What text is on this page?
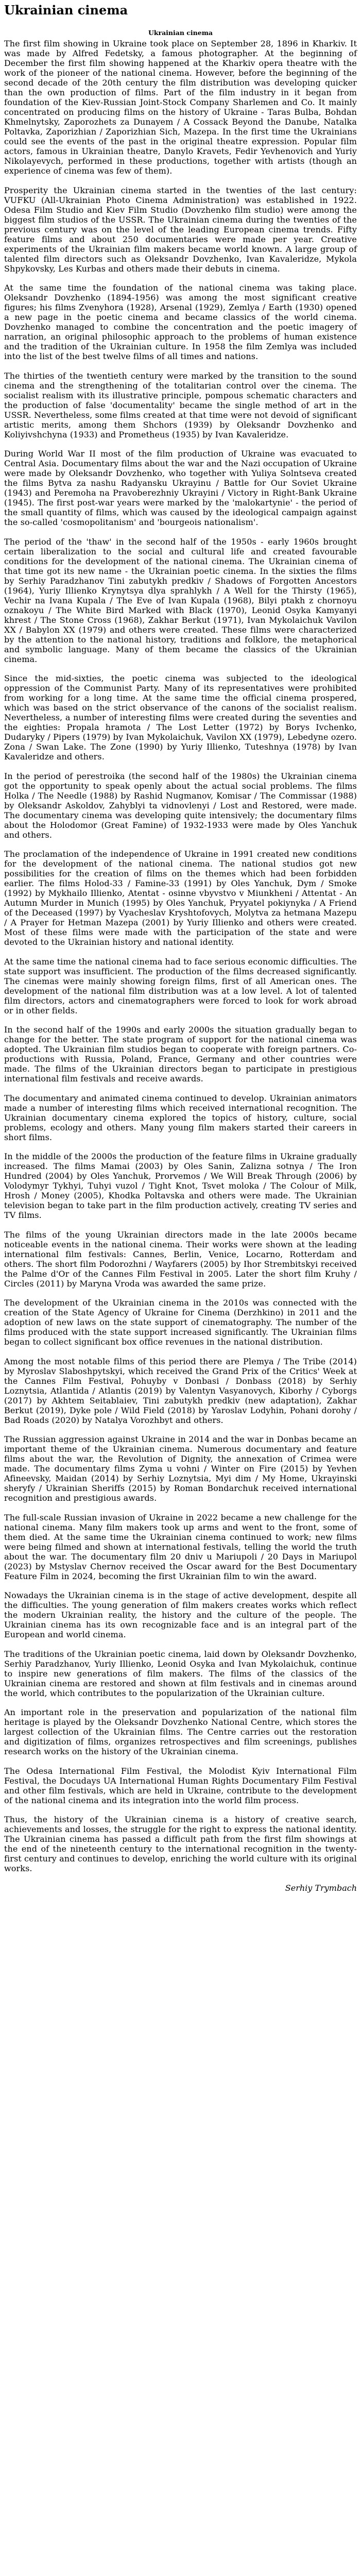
Ukrainian cinema
Ukrainian cinema

The first film showing in Ukraine took place on September 28, 1896 in Kharkiv. It was made by Alfred Fedetsky, a famous photographer. At the beginning of December the first film showing happened at the Kharkiv opera theatre with the work of the pioneer of the national cinema. However, before the beginning of the second decade of the 20th century the film distribution was developing quicker than the own production of films. Part of the film industry in it began from foundation of the Kiev-Russian Joint-Stock Company Sharlemen and Co. It mainly concentrated on producing films on the history of Ukraine - Taras Bulba, Bohdan Khmelnytsky, Zaporozhets za Dunayem / A Cossack Beyond the Danube, Natalka Poltavka, Zaporizhian / Zaporizhian Sich, Mazepa. In the first time the Ukrainians could see the events of the past in the original theatre expression. Popular film actors, famous in Ukrainian theatre, Danylo Kravets, Fedir Yevhenovich and Yuriy Nikolayevych, performed in these productions, together with artists (though an experience of cinema was few of them).

Prosperity the Ukrainian cinema started in the twenties of the last century: VUFKU (All-Ukrainian Photo Cinema Administration) was established in 1922. Odesa Film Studio and Kiev Film Studio (Dovzhenko film studio) were among the biggest film studios of the USSR. The Ukrainian cinema during the twenties of the previous century was on the level of the leading European cinema trends. Fifty feature films and about 250 documentaries were made per year. Creative experiments of the Ukrainian film makers became world known. A large group of talented film directors such as Oleksandr Dovzhenko, Ivan Kavaleridze, Mykola Shpykovsky, Les Kurbas and others made their debuts in cinema.

At the same time the foundation of the national cinema was taking place. Oleksandr Dovzhenko (1894-1956) was among the most significant creative figures; his films Zvenyhora (1928), Arsenal (1929), Zemlya / Earth (1930) opened a new page in the poetic cinema and became classics of the world cinema. Dovzhenko managed to combine the concentration and the poetic imagery of narration, an original philosophic approach to the problems of human existence and the tradition of the Ukrainian culture. In 1958 the film Zemlya was included into the list of the best twelve films of all times and nations.

The thirties of the twentieth century were marked by the transition to the sound cinema and the strengthening of the totalitarian control over the cinema. The socialist realism with its illustrative principle, pompous schematic characters and the production of false 'documentality' became the single method of art in the USSR. Nevertheless, some films created at that time were not devoid of significant artistic merits, among them Shchors (1939) by Oleksandr Dovzhenko and Koliyivshchyna (1933) and Prometheus (1935) by Ivan Kavaleridze.

During World War II most of the film production of Ukraine was evacuated to Central Asia. Documentary films about the war and the Nazi occupation of Ukraine were made by Oleksandr Dovzhenko, who together with Yuliya Solntseva created the films Bytva za nashu Radyansku Ukrayinu / Battle for Our Soviet Ukraine (1943) and Peremoha na Pravoberezhniy Ukrayini / Victory in Right-Bank Ukraine (1945). The first post-war years were marked by the 'malokartynie' - the period of the small quantity of films, which was caused by the ideological campaign against the so-called 'cosmopolitanism' and 'bourgeois nationalism'.

The period of the 'thaw' in the second half of the 1950s - early 1960s brought certain liberalization to the social and cultural life and created favourable conditions for the development of the national cinema. The Ukrainian cinema of that time got its new name - the Ukrainian poetic cinema. In the sixties the films by Serhiy Paradzhanov Tini zabutykh predkiv / Shadows of Forgotten Ancestors (1964), Yuriy Illienko Krynytsya dlya sprahlykh / A Well for the Thirsty (1965), Vechir na Ivana Kupala / The Eve of Ivan Kupala (1968), Bilyi ptakh z chornoyu oznakoyu / The White Bird Marked with Black (1970), Leonid Osyka Kamyanyi khrest / The Stone Cross (1968), Zakhar Berkut (1971), Ivan Mykolaichuk Vavilon XX / Babylon XX (1979) and others were created. These films were characterized by the attention to the national history, traditions and folklore, the metaphorical and symbolic language. Many of them became the classics of the Ukrainian cinema.

Since the mid-sixties, the poetic cinema was subjected to the ideological oppression of the Communist Party. Many of its representatives were prohibited from working for a long time. At the same time the official cinema prospered, which was based on the strict observance of the canons of the socialist realism. Nevertheless, a number of interesting films were created during the seventies and the eighties: Propala hramota / The Lost Letter (1972) by Borys Ivchenko, Dudaryky / Pipers (1979) by Ivan Mykolaichuk, Vavilon XX (1979), Lebedyne ozero. Zona / Swan Lake. The Zone (1990) by Yuriy Illienko, Tuteshnya (1978) by Ivan Kavaleridze and others.

In the period of perestroika (the second half of the 1980s) the Ukrainian cinema got the opportunity to speak openly about the actual social problems. The films Holka / The Needle (1988) by Rashid Nugmanov, Komisar / The Commissar (1988) by Oleksandr Askoldov, Zahyblyi ta vidnovlenyi / Lost and Restored, were made. The documentary cinema was developing quite intensively; the documentary films about the Holodomor (Great Famine) of 1932-1933 were made by Oles Yanchuk and others.

The proclamation of the independence of Ukraine in 1991 created new conditions for the development of the national cinema. The national studios got new possibilities for the creation of films on the themes which had been forbidden earlier. The films Holod-33 / Famine-33 (1991) by Oles Yanchuk, Dym / Smoke (1992) by Mykhailo Illienko, Atentat - osinne vbyvstvo v Miunkheni / Attentat - An Autumn Murder in Munich (1995) by Oles Yanchuk, Pryyatel pokiynyka / A Friend of the Deceased (1997) by Vyacheslav Kryshtofovych, Molytva za hetmana Mazepu / A Prayer for Hetman Mazepa (2001) by Yuriy Illienko and others were created. Most of these films were made with the participation of the state and were devoted to the Ukrainian history and national identity.

At the same time the national cinema had to face serious economic difficulties. The state support was insufficient. The production of the films decreased significantly. The cinemas were mainly showing foreign films, first of all American ones. The development of the national film distribution was at a low level. A lot of talented film directors, actors and cinematographers were forced to look for work abroad or in other fields.

In the second half of the 1990s and early 2000s the situation gradually began to change for the better. The state program of support for the national cinema was adopted. The Ukrainian film studios began to cooperate with foreign partners. Co-productions with Russia, Poland, France, Germany and other countries were made. The films of the Ukrainian directors began to participate in prestigious international film festivals and receive awards.

The documentary and animated cinema continued to develop. Ukrainian animators made a number of interesting films which received international recognition. The Ukrainian documentary cinema explored the topics of history, culture, social problems, ecology and others. Many young film makers started their careers in short films.

In the middle of the 2000s the production of the feature films in Ukraine gradually increased. The films Mamai (2003) by Oles Sanin, Zalizna sotnya / The Iron Hundred (2004) by Oles Yanchuk, Prorvemos / We Will Break Through (2006) by Volodymyr Tykhyi, Tuhyi vuzol / Tight Knot, Tsvet moloka / The Colour of Milk, Hrosh / Money (2005), Khodka Poltavska and others were made. The Ukrainian television began to take part in the film production actively, creating TV series and TV films.

The films of the young Ukrainian directors made in the late 2000s became noticeable events in the national cinema. Their works were shown at the leading international film festivals: Cannes, Berlin, Venice, Locarno, Rotterdam and others. The short film Podorozhni / Wayfarers (2005) by Ihor Strembitskyi received the Palme d'Or of the Cannes Film Festival in 2005. Later the short film Kruhy / Circles (2011) by Maryna Vroda was awarded the same prize.

The development of the Ukrainian cinema in the 2010s was connected with the creation of the State Agency of Ukraine for Cinema (Derzhkino) in 2011 and the adoption of new laws on the state support of cinematography. The number of the films produced with the state support increased significantly. The Ukrainian films began to collect significant box office revenues in the national distribution.

Among the most notable films of this period there are Plemya / The Tribe (2014) by Myroslav Slaboshpytskyi, which received the Grand Prix of the Critics' Week at the Cannes Film Festival, Pohuyby v Donbasi / Donbass (2018) by Serhiy Loznytsia, Atlantida / Atlantis (2019) by Valentyn Vasyanovych, Kiborhy / Cyborgs (2017) by Akhtem Seitablaiev, Tini zabutykh predkiv (new adaptation), Zakhar Berkut (2019), Dyke pole / Wild Field (2018) by Yaroslav Lodyhin, Pohani dorohy / Bad Roads (2020) by Natalya Vorozhbyt and others.

The Russian aggression against Ukraine in 2014 and the war in Donbas became an important theme of the Ukrainian cinema. Numerous documentary and feature films about the war, the Revolution of Dignity, the annexation of Crimea were made. The documentary films Zyma u vohni / Winter on Fire (2015) by Yevhen Afineevsky, Maidan (2014) by Serhiy Loznytsia, Myi dim / My Home, Ukrayinski sheryfy / Ukrainian Sheriffs (2015) by Roman Bondarchuk received international recognition and prestigious awards.

The full-scale Russian invasion of Ukraine in 2022 became a new challenge for the national cinema. Many film makers took up arms and went to the front, some of them died. At the same time the Ukrainian cinema continued to work; new films were being filmed and shown at international festivals, telling the world the truth about the war. The documentary film 20 dniv u Mariupoli / 20 Days in Mariupol (2023) by Mstyslav Chernov received the Oscar award for the Best Documentary Feature Film in 2024, becoming the first Ukrainian film to win the award.

Nowadays the Ukrainian cinema is in the stage of active development, despite all the difficulties. The young generation of film makers creates works which reflect the modern Ukrainian reality, the history and the culture of the people. The Ukrainian cinema has its own recognizable face and is an integral part of the European and world cinema.

The traditions of the Ukrainian poetic cinema, laid down by Oleksandr Dovzhenko, Serhiy Paradzhanov, Yuriy Illienko, Leonid Osyka and Ivan Mykolaichuk, continue to inspire new generations of film makers. The films of the classics of the Ukrainian cinema are restored and shown at film festivals and in cinemas around the world, which contributes to the popularization of the Ukrainian culture.

An important role in the preservation and popularization of the national film heritage is played by the Oleksandr Dovzhenko National Centre, which stores the largest collection of the Ukrainian films. The Centre carries out the restoration and digitization of films, organizes retrospectives and film screenings, publishes research works on the history of the Ukrainian cinema.

The Odesa International Film Festival, the Molodist Kyiv International Film Festival, the Docudays UA International Human Rights Documentary Film Festival and other film festivals, which are held in Ukraine, contribute to the development of the national cinema and its integration into the world film process.

Thus, the history of the Ukrainian cinema is a history of creative search, achievements and losses, the struggle for the right to express the national identity. The Ukrainian cinema has passed a difficult path from the first film showings at the end of the nineteenth century to the international recognition in the twenty-first century and continues to develop, enriching the world culture with its original works.

Serhiy Trymbach
